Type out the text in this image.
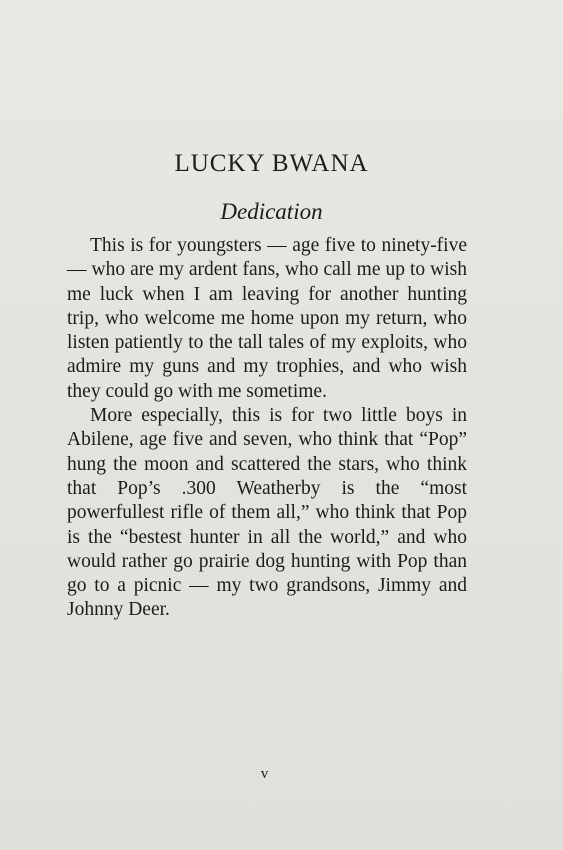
LUCKY BWANA
Dedication

This is for youngsters — age five to ninety-five — who are my ardent fans, who call me up to wish me luck when I am leaving for another hunting trip, who welcome me home upon my return, who listen patiently to the tall tales of my exploits, who admire my guns and my trophies, and who wish they could go with me sometime.

More especially, this is for two little boys in Abilene, age five and seven, who think that “Pop” hung the moon and scattered the stars, who think that Pop’s .300 Weatherby is the “most powerfullest rifle of them all,” who think that Pop is the “bestest hunter in all the world,” and who would rather go prairie dog hunting with Pop than go to a picnic — my two grandsons, Jimmy and Johnny Deer.

v
